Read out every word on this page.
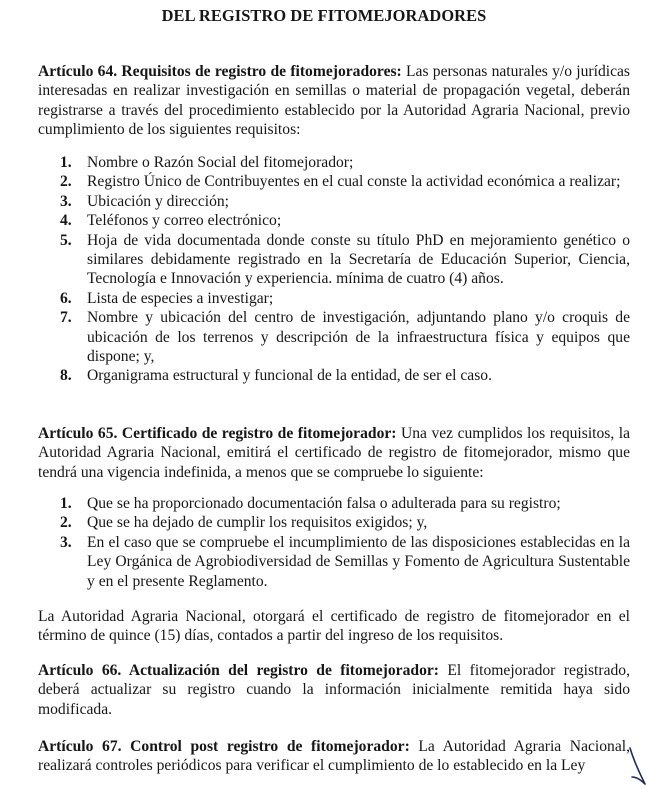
DEL REGISTRO DE FITOMEJORADORES
Artículo 64. Requisitos de registro de fitomejoradores: Las personas naturales y/o jurídicas interesadas en realizar investigación en semillas o material de propagación vegetal, deberán registrarse a través del procedimiento establecido por la Autoridad Agraria Nacional, previo cumplimiento de los siguientes requisitos:
1. Nombre o Razón Social del fitomejorador;
2. Registro Único de Contribuyentes en el cual conste la actividad económica a realizar;
3. Ubicación y dirección;
4. Teléfonos y correo electrónico;
5. Hoja de vida documentada donde conste su título PhD en mejoramiento genético o similares debidamente registrado en la Secretaría de Educación Superior, Ciencia, Tecnología e Innovación y experiencia. mínima de cuatro (4) años.
6. Lista de especies a investigar;
7. Nombre y ubicación del centro de investigación, adjuntando plano y/o croquis de ubicación de los terrenos y descripción de la infraestructura física y equipos que dispone; y,
8. Organigrama estructural y funcional de la entidad, de ser el caso.
Artículo 65. Certificado de registro de fitomejorador: Una vez cumplidos los requisitos, la Autoridad Agraria Nacional, emitirá el certificado de registro de fitomejorador, mismo que tendrá una vigencia indefinida, a menos que se compruebe lo siguiente:
1. Que se ha proporcionado documentación falsa o adulterada para su registro;
2. Que se ha dejado de cumplir los requisitos exigidos; y,
3. En el caso que se compruebe el incumplimiento de las disposiciones establecidas en la Ley Orgánica de Agrobiodiversidad de Semillas y Fomento de Agricultura Sustentable y en el presente Reglamento.
La Autoridad Agraria Nacional, otorgará el certificado de registro de fitomejorador en el término de quince (15) días, contados a partir del ingreso de los requisitos.
Artículo 66. Actualización del registro de fitomejorador: El fitomejorador registrado, deberá actualizar su registro cuando la información inicialmente remitida haya sido modificada.
Artículo 67. Control post registro de fitomejorador: La Autoridad Agraria Nacional, realizará controles periódicos para verificar el cumplimiento de lo establecido en la Ley
